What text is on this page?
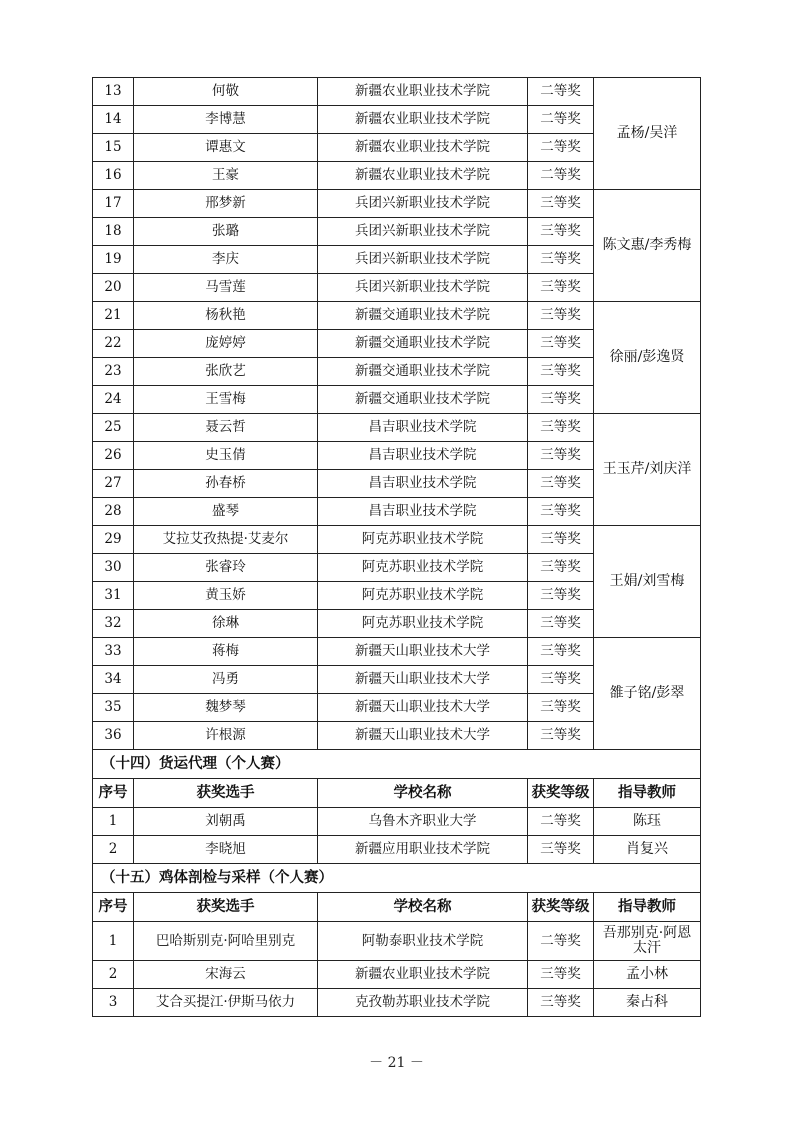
13	何敬	新疆农业职业技术学院	二等奖	孟杨/吴洋
14	李博慧	新疆农业职业技术学院	二等奖	
15	谭惠文	新疆农业职业技术学院	二等奖	
16	王豪	新疆农业职业技术学院	二等奖	
17	邢梦新	兵团兴新职业技术学院	三等奖	陈文惠/李秀梅
18	张璐	兵团兴新职业技术学院	三等奖	
19	李庆	兵团兴新职业技术学院	三等奖	
20	马雪莲	兵团兴新职业技术学院	三等奖	
21	杨秋艳	新疆交通职业技术学院	三等奖	徐丽/彭逸贤
22	庞婷婷	新疆交通职业技术学院	三等奖	
23	张欣艺	新疆交通职业技术学院	三等奖	
24	王雪梅	新疆交通职业技术学院	三等奖	
25	聂云哲	昌吉职业技术学院	三等奖	王玉芹/刘庆洋
26	史玉倩	昌吉职业技术学院	三等奖	
27	孙春桥	昌吉职业技术学院	三等奖	
28	盛琴	昌吉职业技术学院	三等奖	
29	艾拉艾孜热提·艾麦尔	阿克苏职业技术学院	三等奖	王娟/刘雪梅
30	张睿玲	阿克苏职业技术学院	三等奖	
31	黄玉娇	阿克苏职业技术学院	三等奖	
32	徐琳	阿克苏职业技术学院	三等奖	
33	蒋梅	新疆天山职业技术大学	三等奖	雒子铭/彭翠
34	冯勇	新疆天山职业技术大学	三等奖	
35	魏梦琴	新疆天山职业技术大学	三等奖	
36	许根源	新疆天山职业技术大学	三等奖	
（十四）货运代理（个人赛）				
序号	获奖选手	学校名称	获奖等级	指导教师
1	刘朝禹	乌鲁木齐职业大学	二等奖	陈珏
2	李晓旭	新疆应用职业技术学院	三等奖	肖复兴
（十五）鸡体剖检与采样（个人赛）				
序号	获奖选手	学校名称	获奖等级	指导教师
1	巴哈斯别克·阿哈里别克	阿勒泰职业技术学院	二等奖	吾那别克·阿恩太汗
2	宋海云	新疆农业职业技术学院	三等奖	孟小林
3	艾合买提江·伊斯马依力	克孜勒苏职业技术学院	三等奖	秦占科
－ 21 －
